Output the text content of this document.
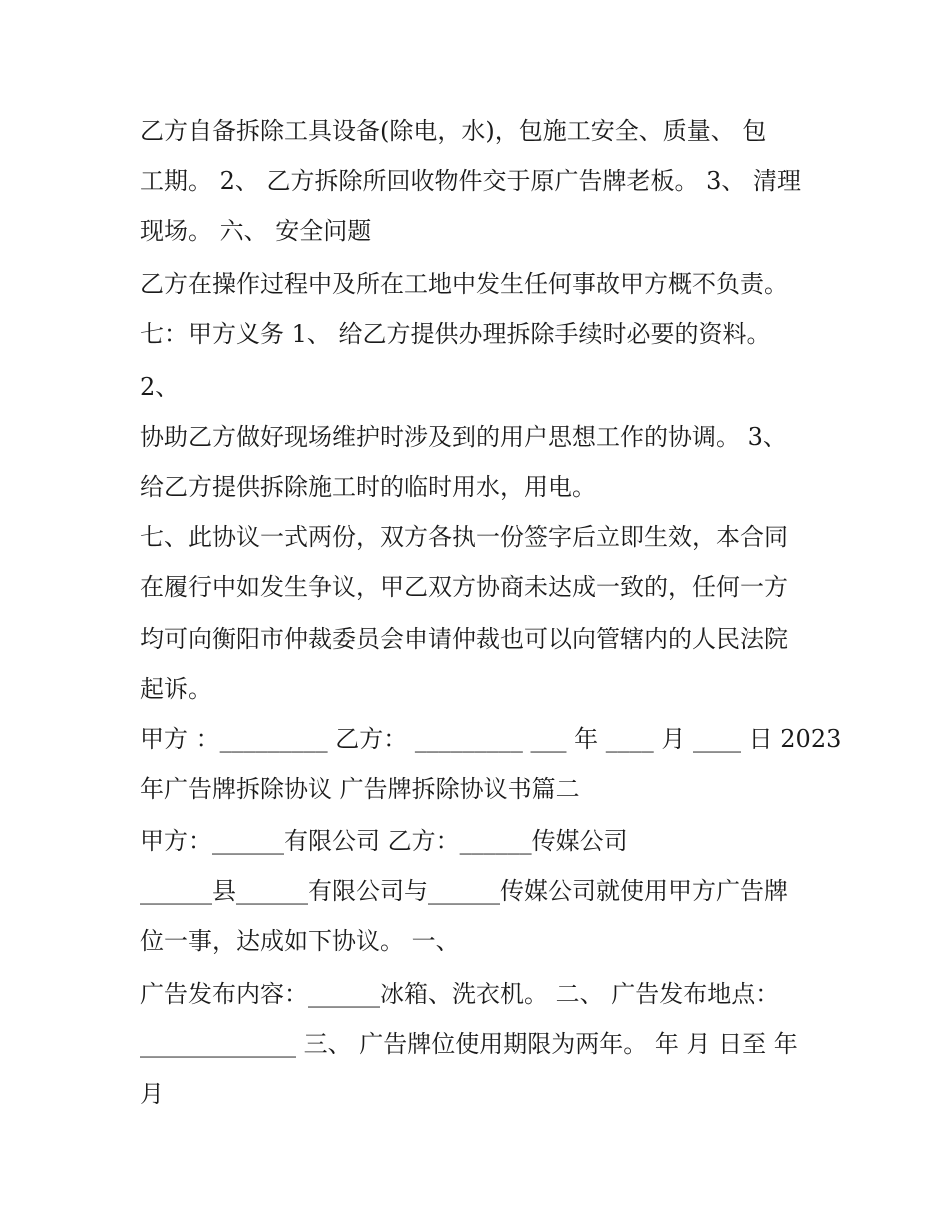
乙方自备拆除工具设备(除电，水)，包施工安全、质量、 包
工期。 2、 乙方拆除所回收物件交于原广告牌老板。 3、 清理
现场。 六、 安全问题
乙方在操作过程中及所在工地中发生任何事故甲方概不负责。
七：甲方义务 1、 给乙方提供办理拆除手续时必要的资料。
2、
协助乙方做好现场维护时涉及到的用户思想工作的协调。 3、
给乙方提供拆除施工时的临时用水，用电。
七、此协议一式两份，双方各执一份签字后立即生效，本合同
在履行中如发生争议，甲乙双方协商未达成一致的，任何一方
均可向衡阳市仲裁委员会申请仲裁也可以向管辖内的人民法院
起诉。
甲方 ：_________ 乙方： _________ ___ 年 ____ 月 ____ 日 2023
年广告牌拆除协议 广告牌拆除协议书篇二
甲方：______有限公司 乙方：______传媒公司
______县______有限公司与______传媒公司就使用甲方广告牌
位一事，达成如下协议。 一、
广告发布内容：______冰箱、洗衣机。 二、 广告发布地点：
_____________ 三、 广告牌位使用期限为两年。 年 月 日至 年
月
